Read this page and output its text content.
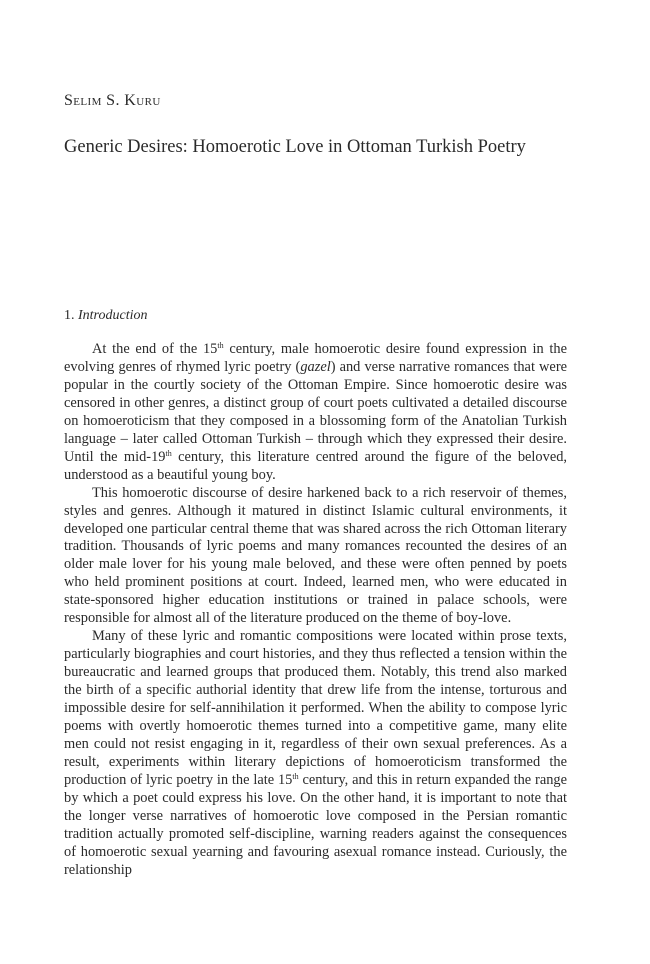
Selim S. Kuru
Generic Desires: Homoerotic Love in Ottoman Turkish Poetry
1. Introduction

At the end of the 15th century, male homoerotic desire found expression in the evolving genres of rhymed lyric poetry (gazel) and verse narrative romances that were popular in the courtly society of the Ottoman Empire. Since homoerotic desire was censored in other genres, a distinct group of court poets cultivated a detailed discourse on homoeroticism that they composed in a blossoming form of the Anatolian Turkish language – later called Ottoman Turkish – through which they expressed their desire. Until the mid-19th century, this literature centred around the figure of the beloved, understood as a beautiful young boy.

This homoerotic discourse of desire harkened back to a rich reservoir of themes, styles and genres. Although it matured in distinct Islamic cultural environments, it developed one particular central theme that was shared across the rich Ottoman literary tradition. Thousands of lyric poems and many romances recounted the desires of an older male lover for his young male beloved, and these were often penned by poets who held prominent positions at court. Indeed, learned men, who were educated in state-sponsored higher education institutions or trained in palace schools, were responsible for almost all of the literature produced on the theme of boy-love.

Many of these lyric and romantic compositions were located within prose texts, particularly biographies and court histories, and they thus reflected a tension within the bureaucratic and learned groups that produced them. Notably, this trend also marked the birth of a specific authorial identity that drew life from the intense, torturous and impossible desire for self-annihilation it performed. When the ability to compose lyric poems with overtly homoerotic themes turned into a competitive game, many elite men could not resist engaging in it, regardless of their own sexual preferences. As a result, experiments within literary depictions of homoeroticism transformed the production of lyric poetry in the late 15th century, and this in return expanded the range by which a poet could express his love. On the other hand, it is important to note that the longer verse narratives of homoerotic love composed in the Persian romantic tradition actually promoted self-discipline, warning readers against the consequences of homoerotic sexual yearning and favouring asexual romance instead. Curiously, the relationship
